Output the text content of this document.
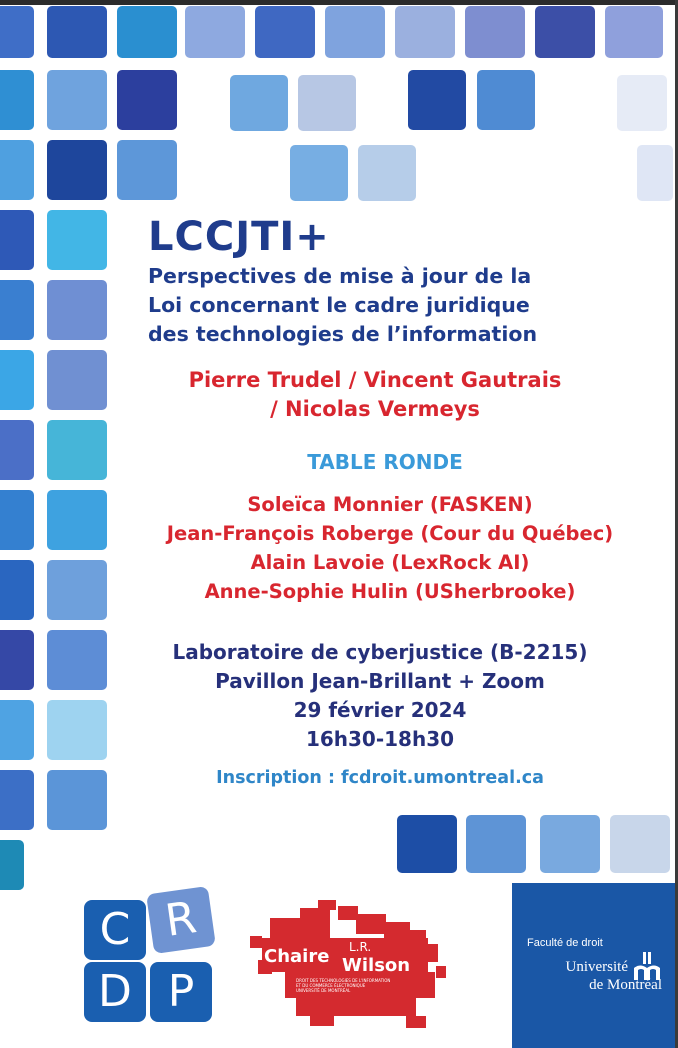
LCCJTI+
Perspectives de mise à jour de la
Loi concernant le cadre juridique
des technologies de l’information
Pierre Trudel / Vincent Gautrais
/ Nicolas Vermeys
TABLE RONDE
Soleïca Monnier (FASKEN)
Jean-François Roberge (Cour du Québec)
Alain Lavoie (LexRock AI)
Anne-Sophie Hulin (USherbrooke)
Laboratoire de cyberjustice (B-2215)
Pavillon Jean-Brillant + Zoom
29 février 2024
16h30-18h30
Inscription : fcdroit.umontreal.ca
C R
D P
Chaire L.R.
Wilson
DROIT DES TECHNOLOGIES DE L'INFORMATION
ET DU COMMERCE ÉLECTRONIQUE
UNIVERSITÉ DE MONTRÉAL
Faculté de droit
Université
de Montréal
